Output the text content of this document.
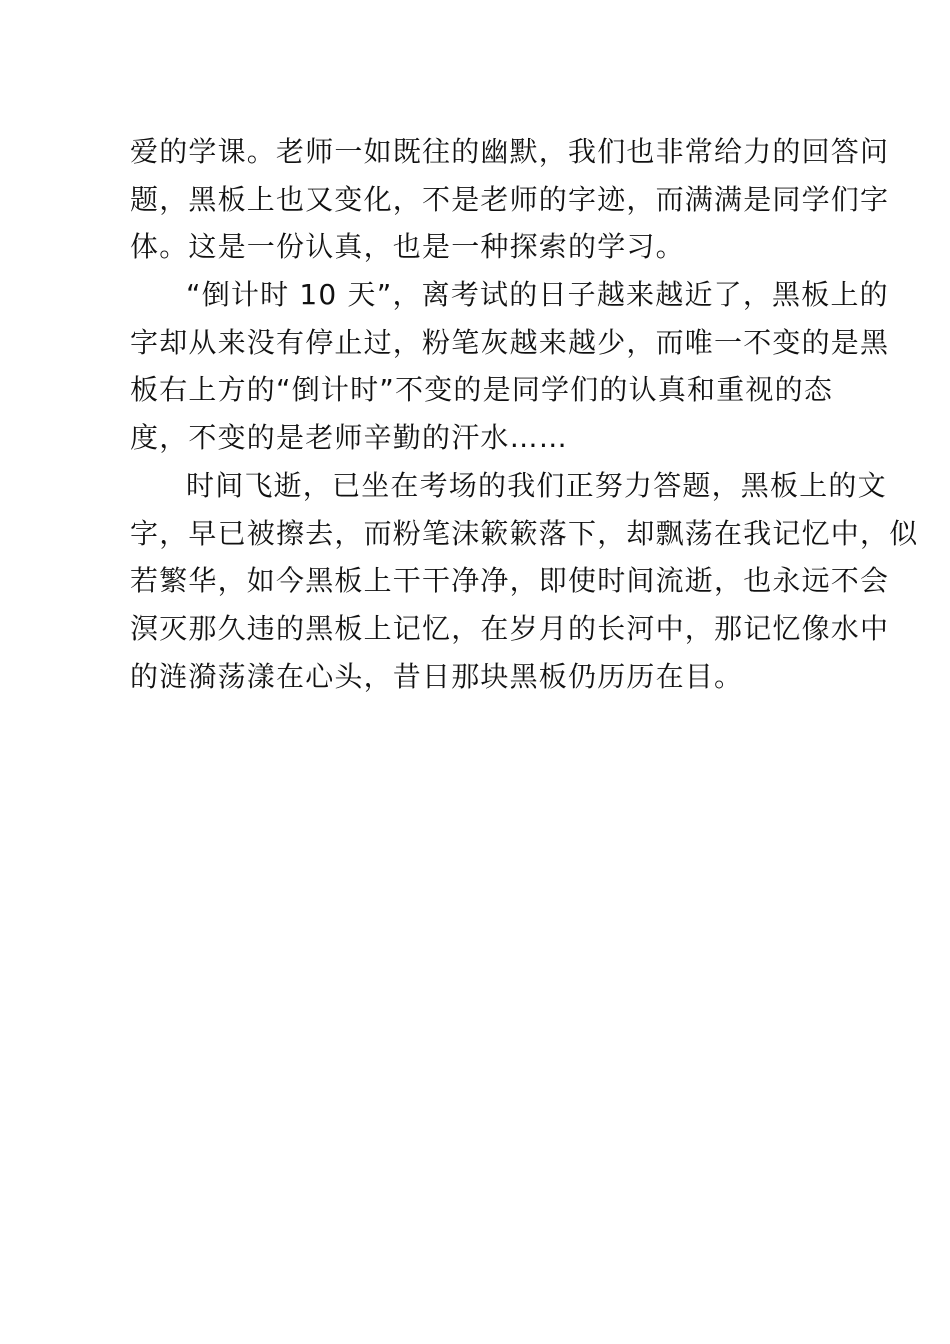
爱的学课。老师一如既往的幽默，我们也非常给力的回答问
题，黑板上也又变化，不是老师的字迹，而满满是同学们字
体。这是一份认真，也是一种探索的学习。
“倒计时 10 天”，离考试的日子越来越近了，黑板上的
字却从来没有停止过，粉笔灰越来越少，而唯一不变的是黑
板右上方的“倒计时”不变的是同学们的认真和重视的态
度，不变的是老师辛勤的汗水……
时间飞逝，已坐在考场的我们正努力答题，黑板上的文
字，早已被擦去，而粉笔沫簌簌落下，却飘荡在我记忆中，似
若繁华，如今黑板上干干净净，即使时间流逝，也永远不会
溟灭那久违的黑板上记忆，在岁月的长河中，那记忆像水中
的涟漪荡漾在心头，昔日那块黑板仍历历在目。
